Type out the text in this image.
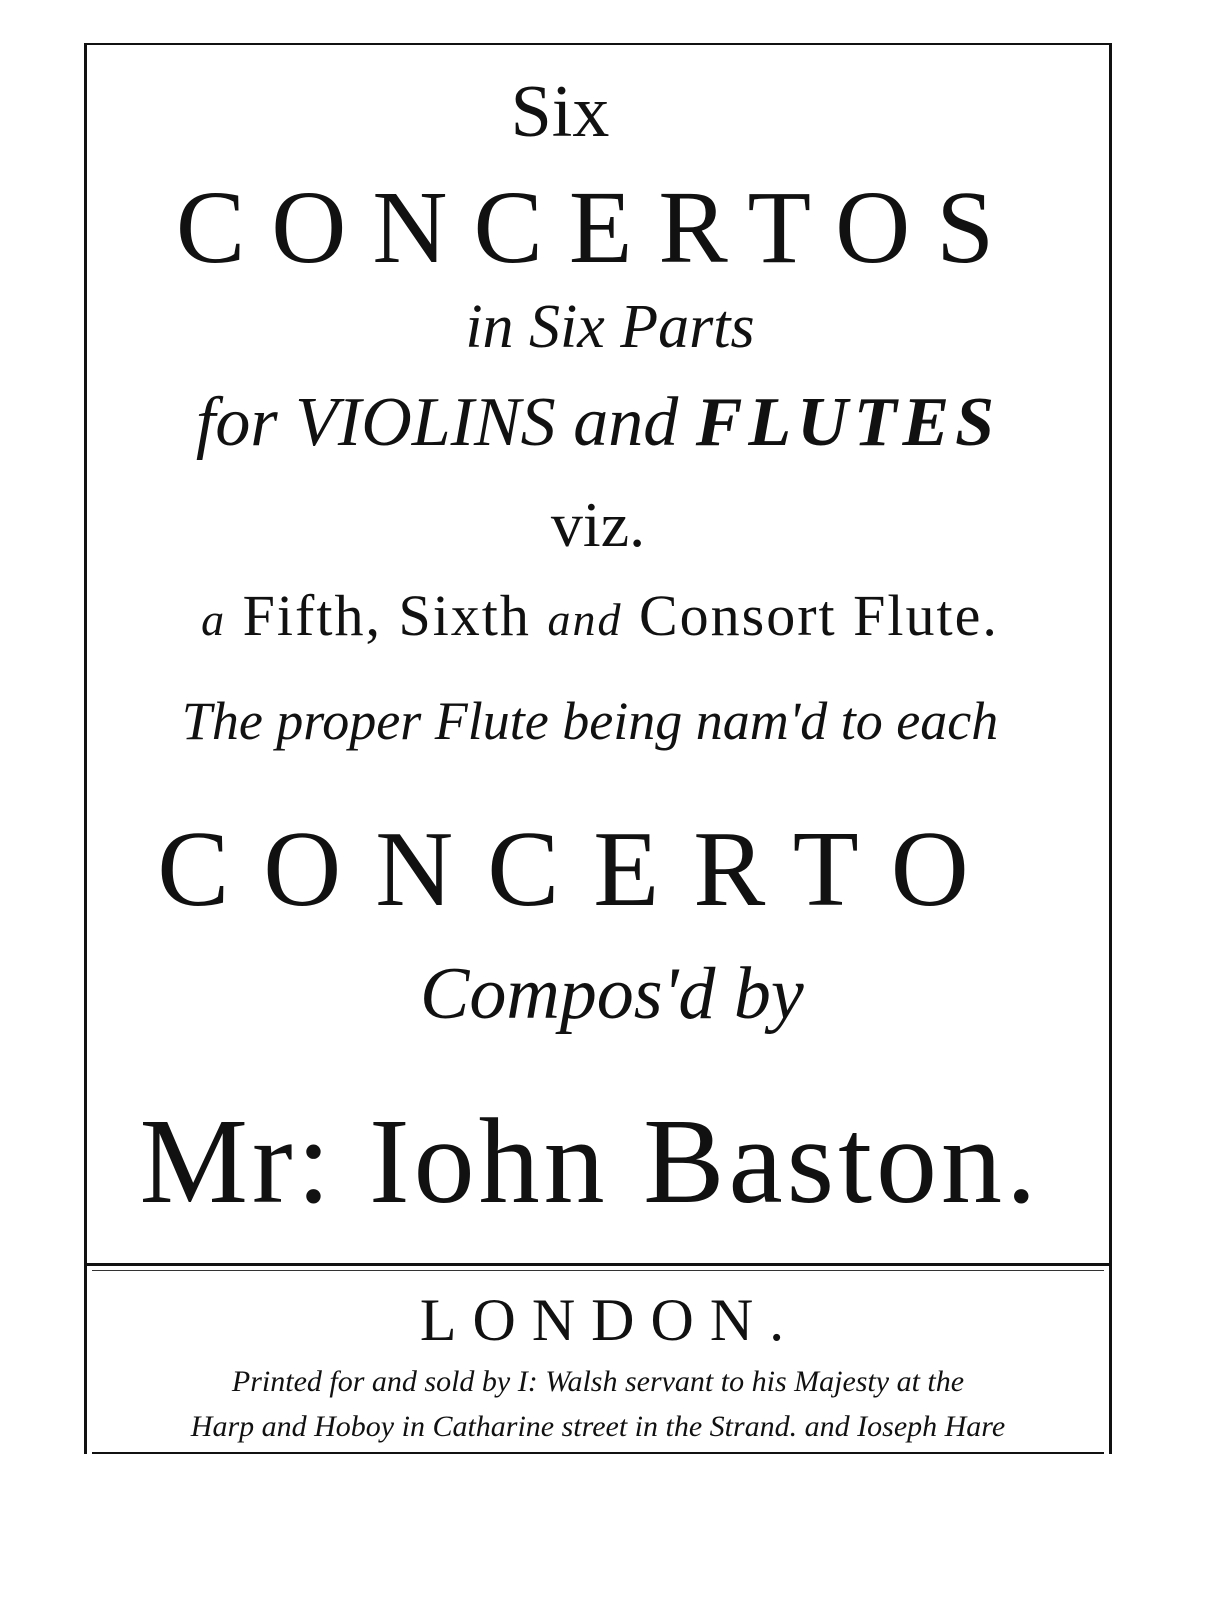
Six
CONCERTOS
in Six Parts
for VIOLINS and FLUTES
viz.
a Fifth, Sixth and Consort Flute.
The proper Flute being nam'd to each
CONCERTO
Compos'd by
Mr: Iohn Baston.
LONDON.
Printed for and sold by I: Walsh servant to his Majesty at the
Harp and Hoboy in Catharine street in the Strand. and Ioseph Hare
